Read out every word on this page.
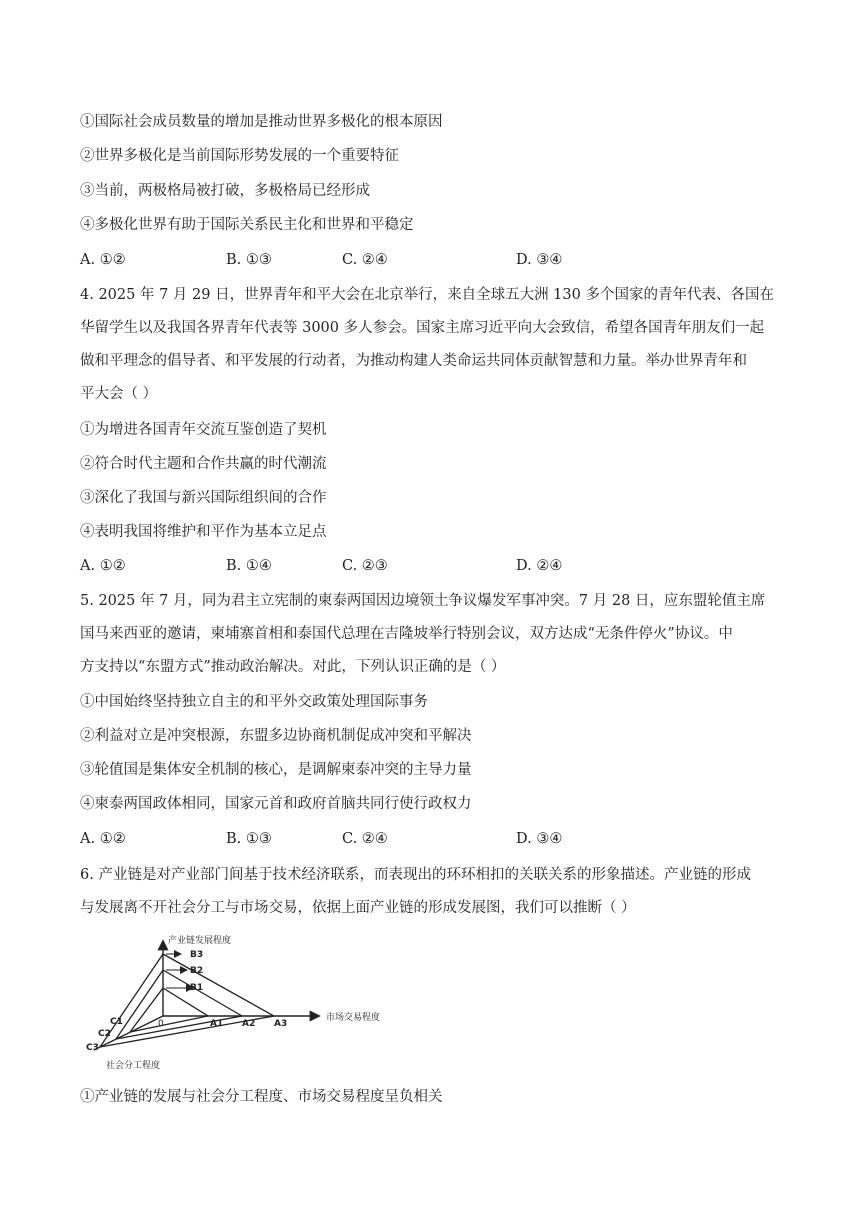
①国际社会成员数量的增加是推动世界多极化的根本原因
②世界多极化是当前国际形势发展的一个重要特征
③当前，两极格局被打破，多极格局已经形成
④多极化世界有助于国际关系民主化和世界和平稳定
A. ①②	B. ①③	C. ②④	D. ③④
4. 2025 年 7 月 29 日，世界青年和平大会在北京举行，来自全球五大洲 130 多个国家的青年代表、各国在
华留学生以及我国各界青年代表等 3000 多人参会。国家主席习近平向大会致信，希望各国青年朋友们一起
做和平理念的倡导者、和平发展的行动者，为推动构建人类命运共同体贡献智慧和力量。举办世界青年和
平大会（ ）
①为增进各国青年交流互鉴创造了契机
②符合时代主题和合作共赢的时代潮流
③深化了我国与新兴国际组织间的合作
④表明我国将维护和平作为基本立足点
A. ①②	B. ①④	C. ②③	D. ②④
5. 2025 年 7 月，同为君主立宪制的柬泰两国因边境领土争议爆发军事冲突。7 月 28 日，应东盟轮值主席
国马来西亚的邀请，柬埔寨首相和泰国代总理在吉隆坡举行特别会议，双方达成“无条件停火”协议。中
方支持以“东盟方式”推动政治解决。对此，下列认识正确的是（ ）
①中国始终坚持独立自主的和平外交政策处理国际事务
②利益对立是冲突根源，东盟多边协商机制促成冲突和平解决
③轮值国是集体安全机制的核心，是调解柬泰冲突的主导力量
④柬泰两国政体相同，国家元首和政府首脑共同行使行政权力
A. ①②	B. ①③	C. ②④	D. ③④
6. 产业链是对产业部门间基于技术经济联系，而表现出的环环相扣的关联关系的形象描述。产业链的形成
与发展离不开社会分工与市场交易，依据上面产业链的形成发展图，我们可以推断（ ）
产业链发展程度
市场交易程度
社会分工程度
0
B1
B2
B3
A1 A2 A3
C1
C2
C3
①产业链的发展与社会分工程度、市场交易程度呈负相关
